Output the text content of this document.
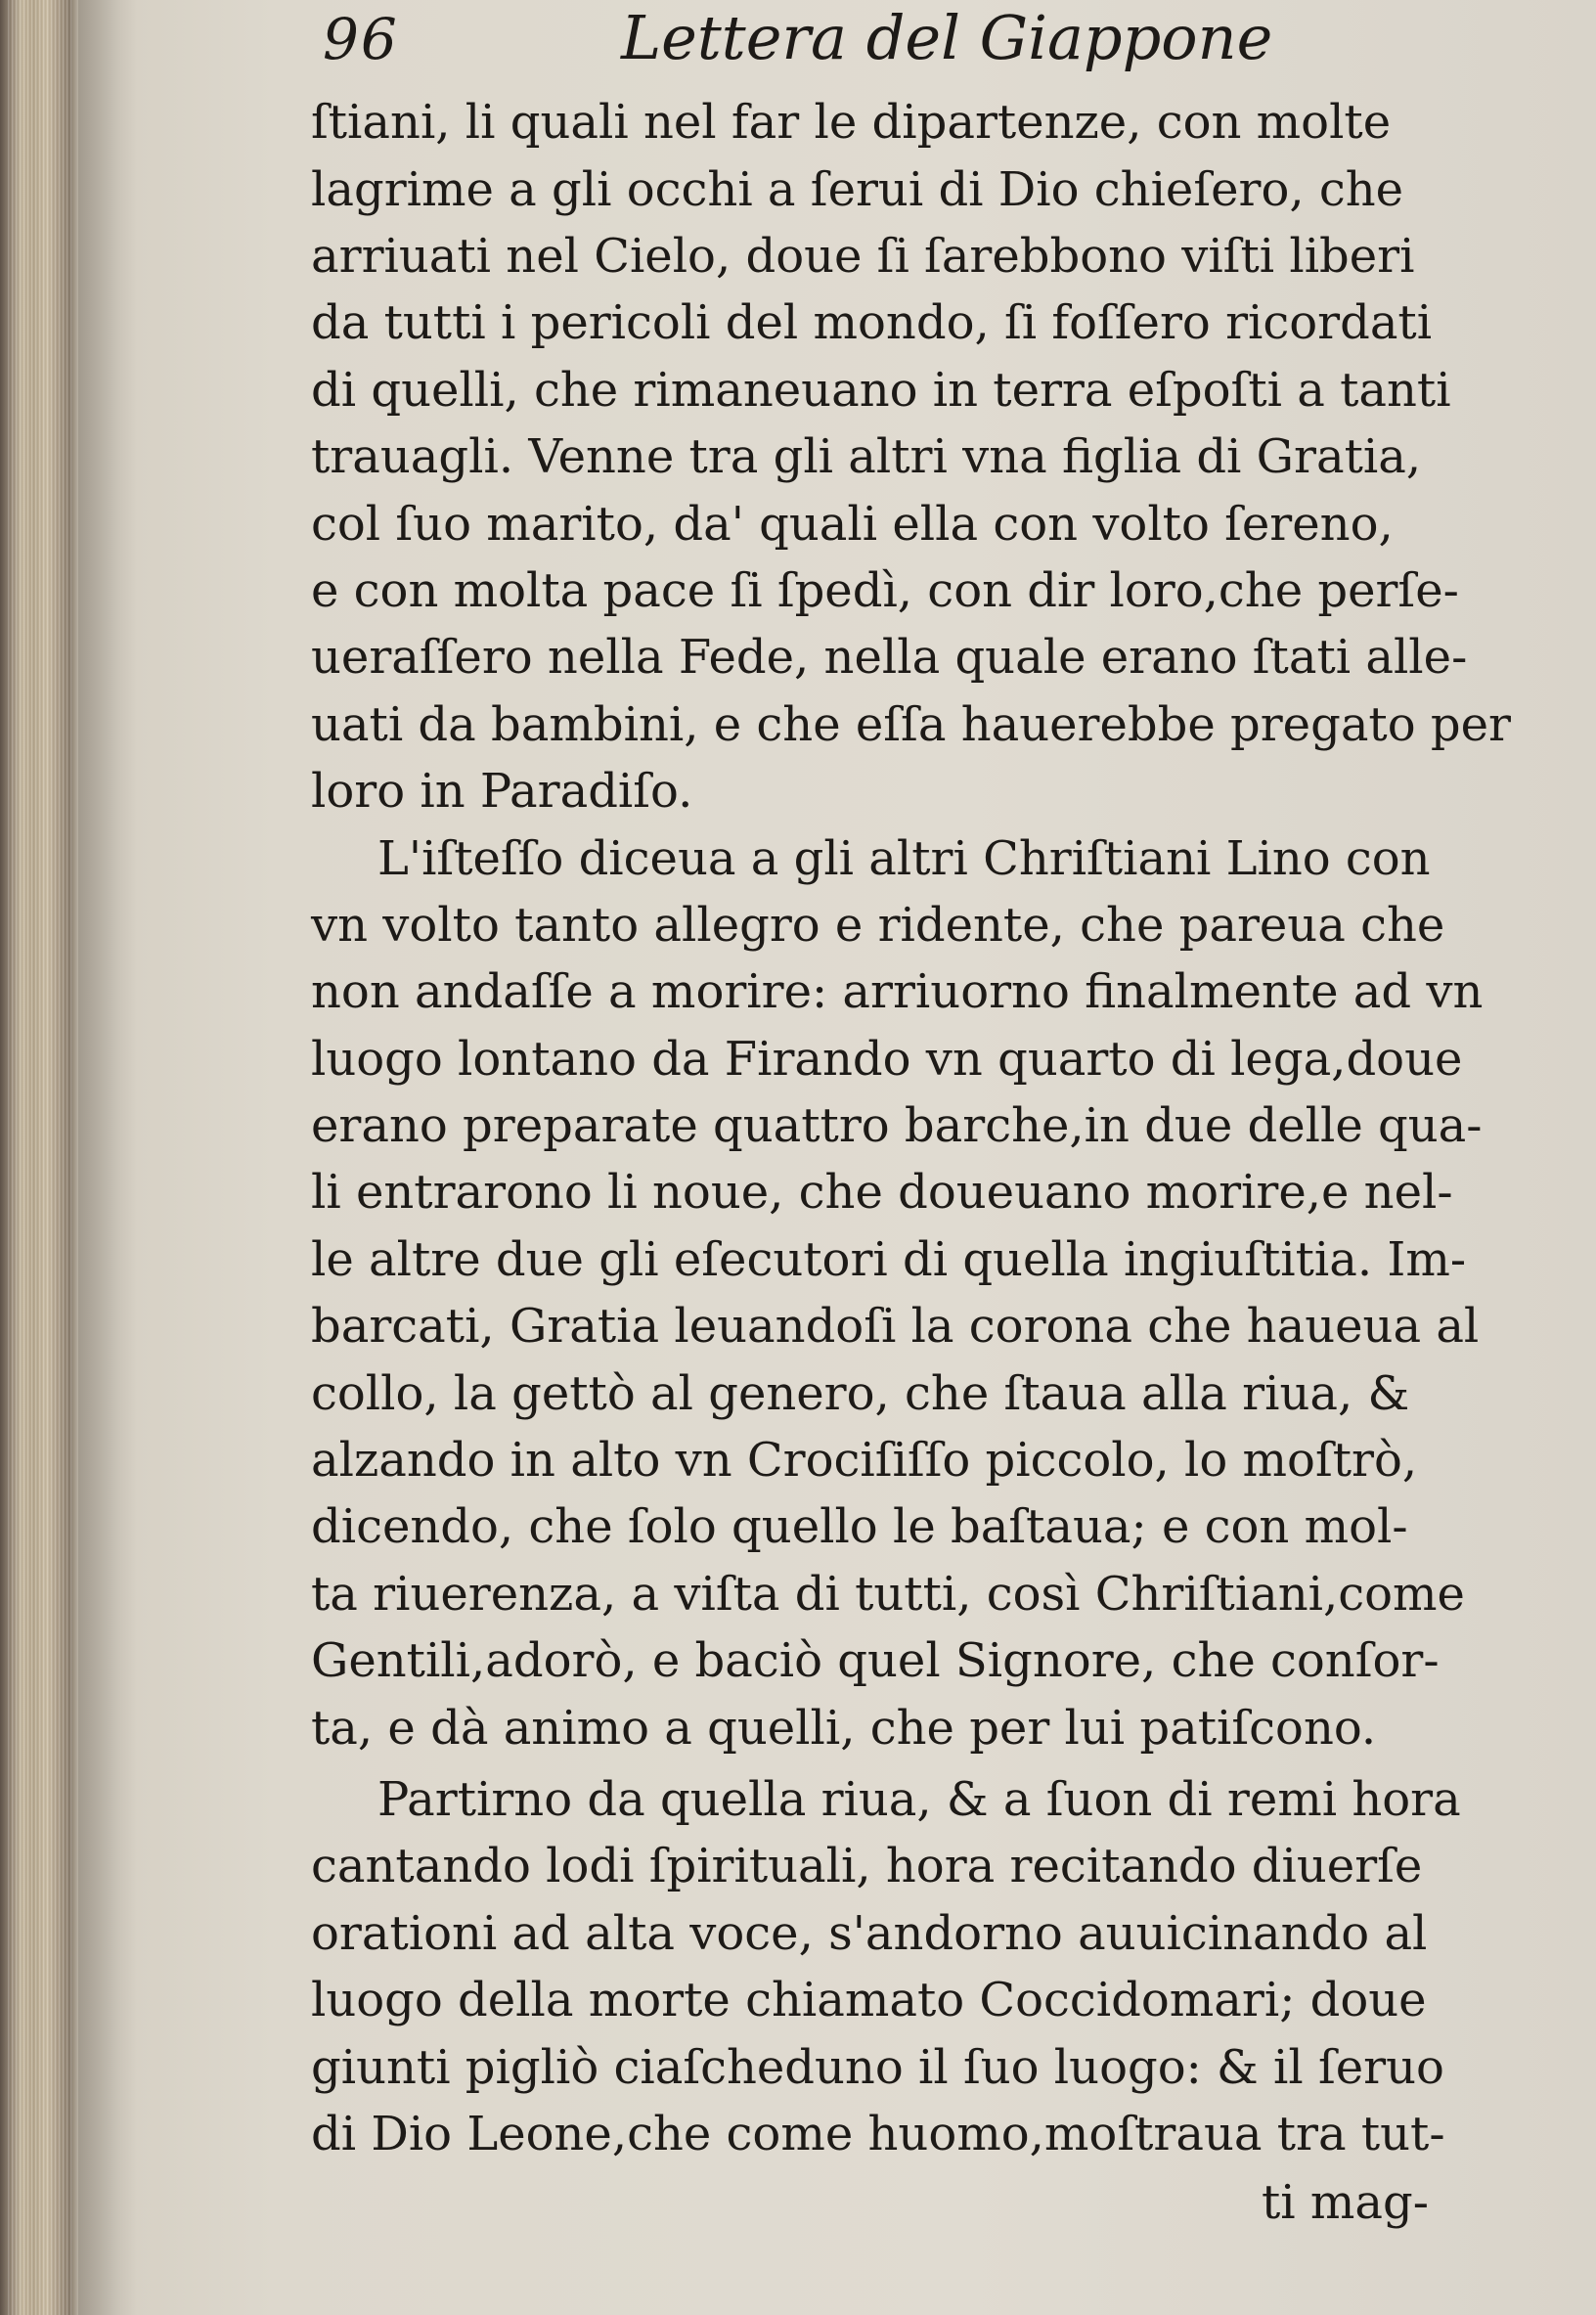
96	Lettera del Giappone
ſtiani, li quali nel far le dipartenze, con molte
lagrime a gli occhi a ſerui di Dio chieſero, che
arriuati nel Cielo, doue ſi ſarebbono viſti liberi
da tutti i pericoli del mondo, ſi foſſero ricordati
di quelli, che rimaneuano in terra eſpoſti a tanti
trauagli. Venne tra gli altri vna figlia di Gratia,
col ſuo marito, da' quali ella con volto ſereno,
e con molta pace ſi ſpedì, con dir loro,che perſe-
ueraſſero nella Fede, nella quale erano ſtati alle-
uati da bambini, e che eſſa hauerebbe pregato per
loro in Paradiſo.
L'iſteſſo diceua a gli altri Chriſtiani Lino con
vn volto tanto allegro e ridente, che pareua che
non andaſſe a morire: arriuorno finalmente ad vn
luogo lontano da Firando vn quarto di lega,doue
erano preparate quattro barche,in due delle qua-
li entrarono li noue, che doueuano morire,e nel-
le altre due gli eſecutori di quella ingiuſtitia. Im-
barcati, Gratia leuandoſi la corona che haueua al
collo, la gettò al genero, che ſtaua alla riua, &
alzando in alto vn Crociſiſſo piccolo, lo moſtrò,
dicendo, che ſolo quello le baſtaua; e con mol-
ta riuerenza, a viſta di tutti, così Chriſtiani,come
Gentili,adorò, e baciò quel Signore, che conſor-
ta, e dà animo a quelli, che per lui patiſcono.
Partirno da quella riua, & a ſuon di remi hora
cantando lodi ſpirituali, hora recitando diuerſe
orationi ad alta voce, s'andorno auuicinando al
luogo della morte chiamato Coccidomari; doue
giunti pigliò ciaſcheduno il ſuo luogo: & il ſeruo
di Dio Leone,che come huomo,moſtraua tra tut-
ti mag-
